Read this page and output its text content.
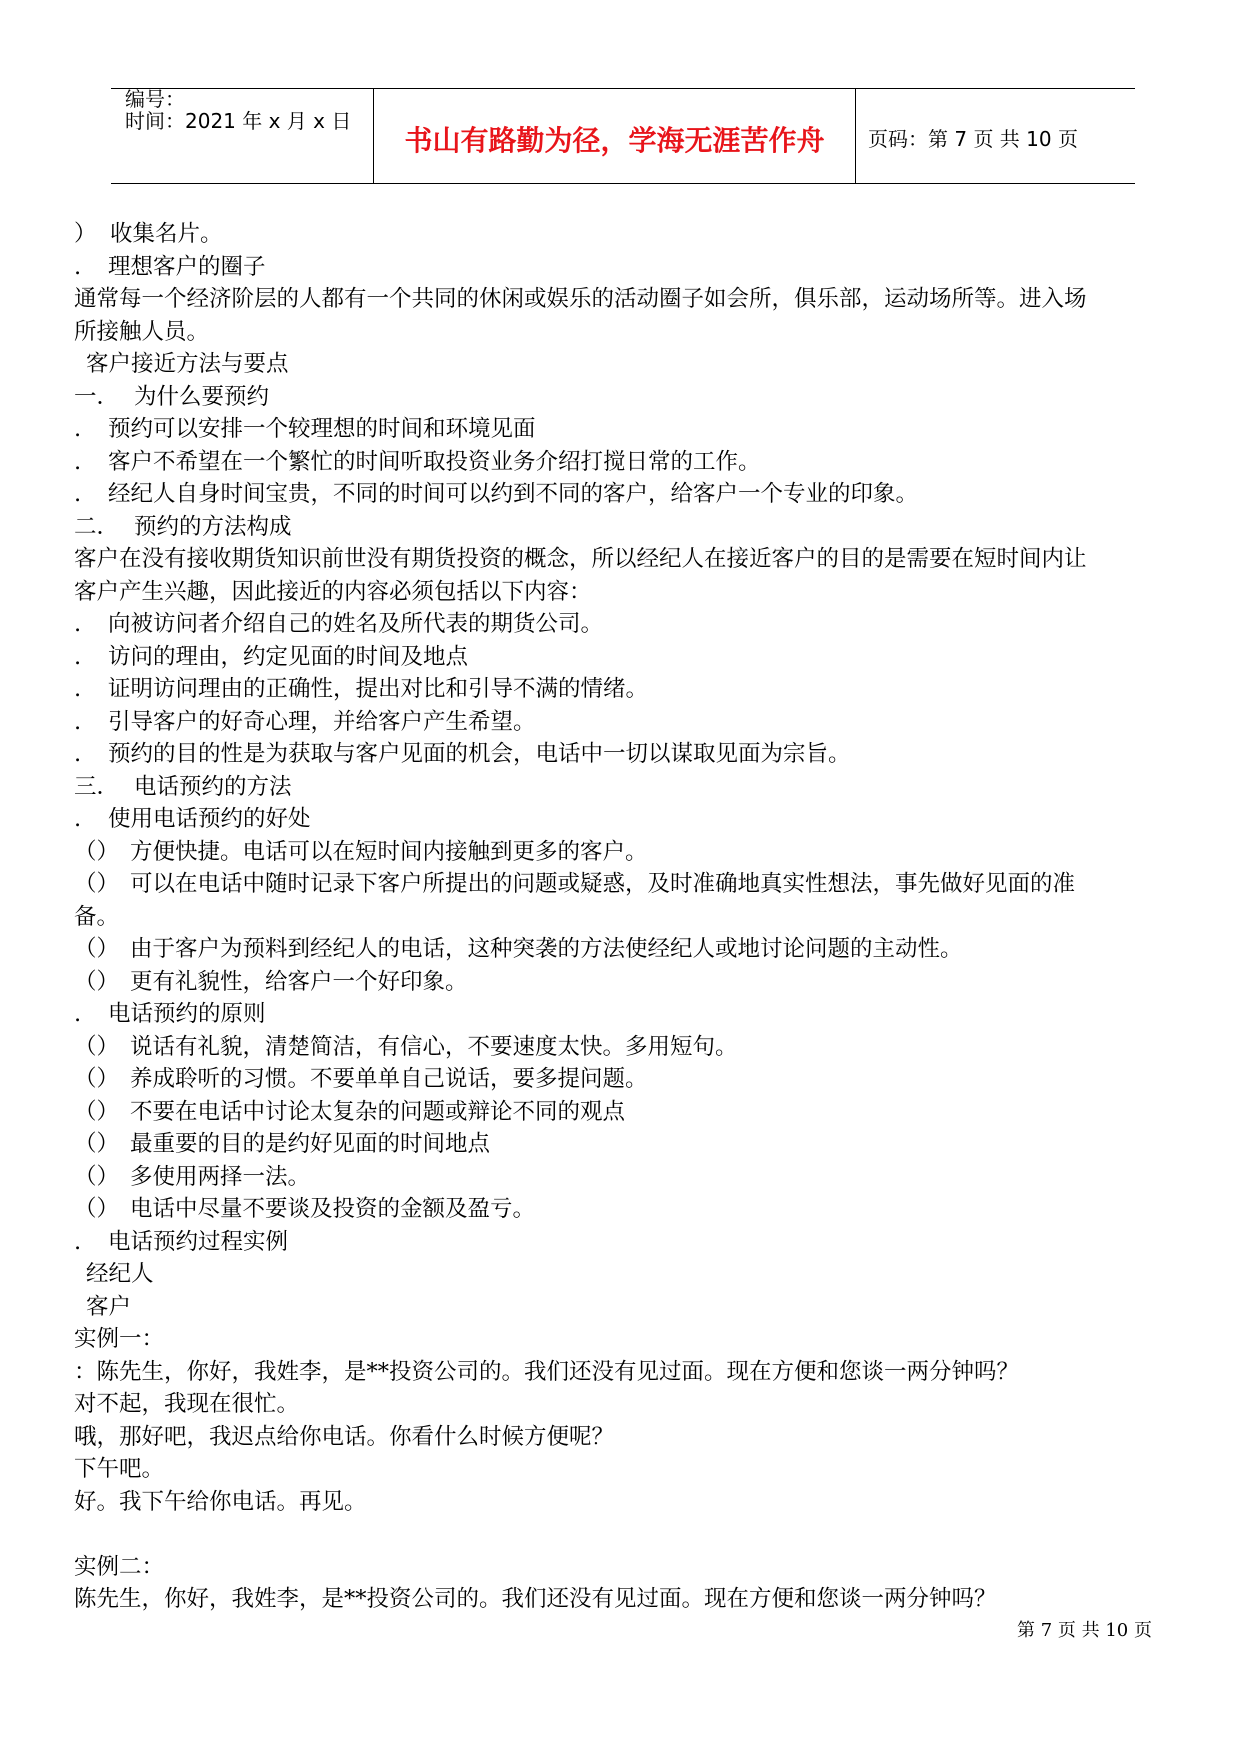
编号：
时间：2021 年 x 月 x 日
书山有路勤为径，学海无涯苦作舟	页码：第 7 页 共 10 页
） 收集名片。
. 理想客户的圈子
通常每一个经济阶层的人都有一个共同的休闲或娱乐的活动圈子如会所，俱乐部，运动场所等。进入场
所接触人员。
客户接近方法与要点
一． 为什么要预约
. 预约可以安排一个较理想的时间和环境见面
. 客户不希望在一个繁忙的时间听取投资业务介绍打搅日常的工作。
. 经纪人自身时间宝贵，不同的时间可以约到不同的客户，给客户一个专业的印象。
二． 预约的方法构成
客户在没有接收期货知识前世没有期货投资的概念，所以经纪人在接近客户的目的是需要在短时间内让
客户产生兴趣，因此接近的内容必须包括以下内容：
. 向被访问者介绍自己的姓名及所代表的期货公司。
. 访问的理由，约定见面的时间及地点
. 证明访问理由的正确性，提出对比和引导不满的情绪。
. 引导客户的好奇心理，并给客户产生希望。
. 预约的目的性是为获取与客户见面的机会，电话中一切以谋取见面为宗旨。
三． 电话预约的方法
. 使用电话预约的好处
（） 方便快捷。电话可以在短时间内接触到更多的客户。
（） 可以在电话中随时记录下客户所提出的问题或疑惑，及时准确地真实性想法，事先做好见面的准
备。
（） 由于客户为预料到经纪人的电话，这种突袭的方法使经纪人或地讨论问题的主动性。
（） 更有礼貌性，给客户一个好印象。
. 电话预约的原则
（） 说话有礼貌，清楚简洁，有信心，不要速度太快。多用短句。
（） 养成聆听的习惯。不要单单自己说话，要多提问题。
（） 不要在电话中讨论太复杂的问题或辩论不同的观点
（） 最重要的目的是约好见面的时间地点
（） 多使用两择一法。
（） 电话中尽量不要谈及投资的金额及盈亏。
. 电话预约过程实例
经纪人
客户
实例一：
：陈先生，你好，我姓李，是**投资公司的。我们还没有见过面。现在方便和您谈一两分钟吗？
对不起，我现在很忙。
哦，那好吧，我迟点给你电话。你看什么时候方便呢？
下午吧。
好。我下午给你电话。再见。
实例二：
陈先生，你好，我姓李，是**投资公司的。我们还没有见过面。现在方便和您谈一两分钟吗？
第 7 页 共 10 页
